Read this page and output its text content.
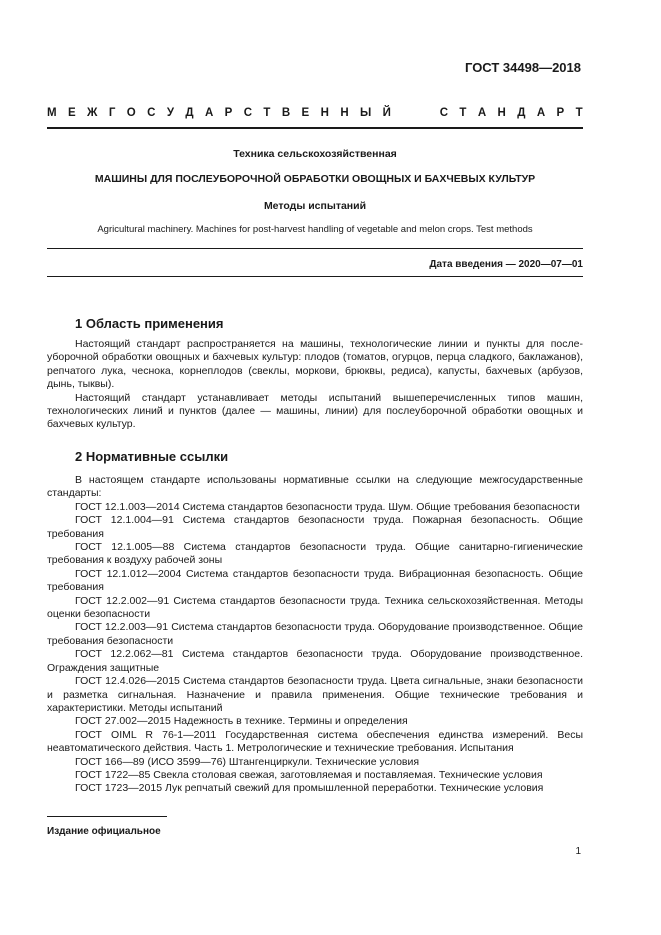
ГОСТ 34498—2018
М Е Ж Г О С У Д А Р С Т В Е Н Н Ы Й	С Т А Н Д А Р Т
Техника сельскохозяйственная
МАШИНЫ ДЛЯ ПОСЛЕУБОРОЧНОЙ ОБРАБОТКИ ОВОЩНЫХ И БАХЧЕВЫХ КУЛЬТУР
Методы испытаний
Agricultural machinery. Machines for post-harvest handling of vegetable and melon crops. Test methods
Дата введения — 2020—07—01
1 Область применения

Настоящий стандарт распространяется на машины, технологические линии и пункты для после-уборочной обработки овощных и бахчевых культур: плодов (томатов, огурцов, перца сладкого, баклажанов), репчатого лука, чеснока, корнеплодов (свеклы, моркови, брюквы, редиса), капусты, бахчевых (арбузов, дынь, тыквы).

Настоящий стандарт устанавливает методы испытаний вышеперечисленных типов машин, технологических линий и пунктов (далее — машины, линии) для послеуборочной обработки овощных и бахчевых культур.

2 Нормативные ссылки

В настоящем стандарте использованы нормативные ссылки на следующие межгосударственные стандарты:

ГОСТ 12.1.003—2014 Система стандартов безопасности труда. Шум. Общие требования безопасности

ГОСТ 12.1.004—91 Система стандартов безопасности труда. Пожарная безопасность. Общие требования

ГОСТ 12.1.005—88 Система стандартов безопасности труда. Общие санитарно-гигиенические требования к воздуху рабочей зоны

ГОСТ 12.1.012—2004 Система стандартов безопасности труда. Вибрационная безопасность. Общие требования

ГОСТ 12.2.002—91 Система стандартов безопасности труда. Техника сельскохозяйственная. Методы оценки безопасности

ГОСТ 12.2.003—91 Система стандартов безопасности труда. Оборудование производственное. Общие требования безопасности

ГОСТ 12.2.062—81 Система стандартов безопасности труда. Оборудование производственное. Ограждения защитные

ГОСТ 12.4.026—2015 Система стандартов безопасности труда. Цвета сигнальные, знаки безопасности и разметка сигнальная. Назначение и правила применения. Общие технические требования и характеристики. Методы испытаний

ГОСТ 27.002—2015 Надежность в технике. Термины и определения

ГОСТ OIML R 76-1—2011 Государственная система обеспечения единства измерений. Весы неавтоматического действия. Часть 1. Метрологические и технические требования. Испытания

ГОСТ 166—89 (ИСО 3599—76) Штангенциркули. Технические условия

ГОСТ 1722—85 Свекла столовая свежая, заготовляемая и поставляемая. Технические условия

ГОСТ 1723—2015 Лук репчатый свежий для промышленной переработки. Технические условия

Издание официальное
1
